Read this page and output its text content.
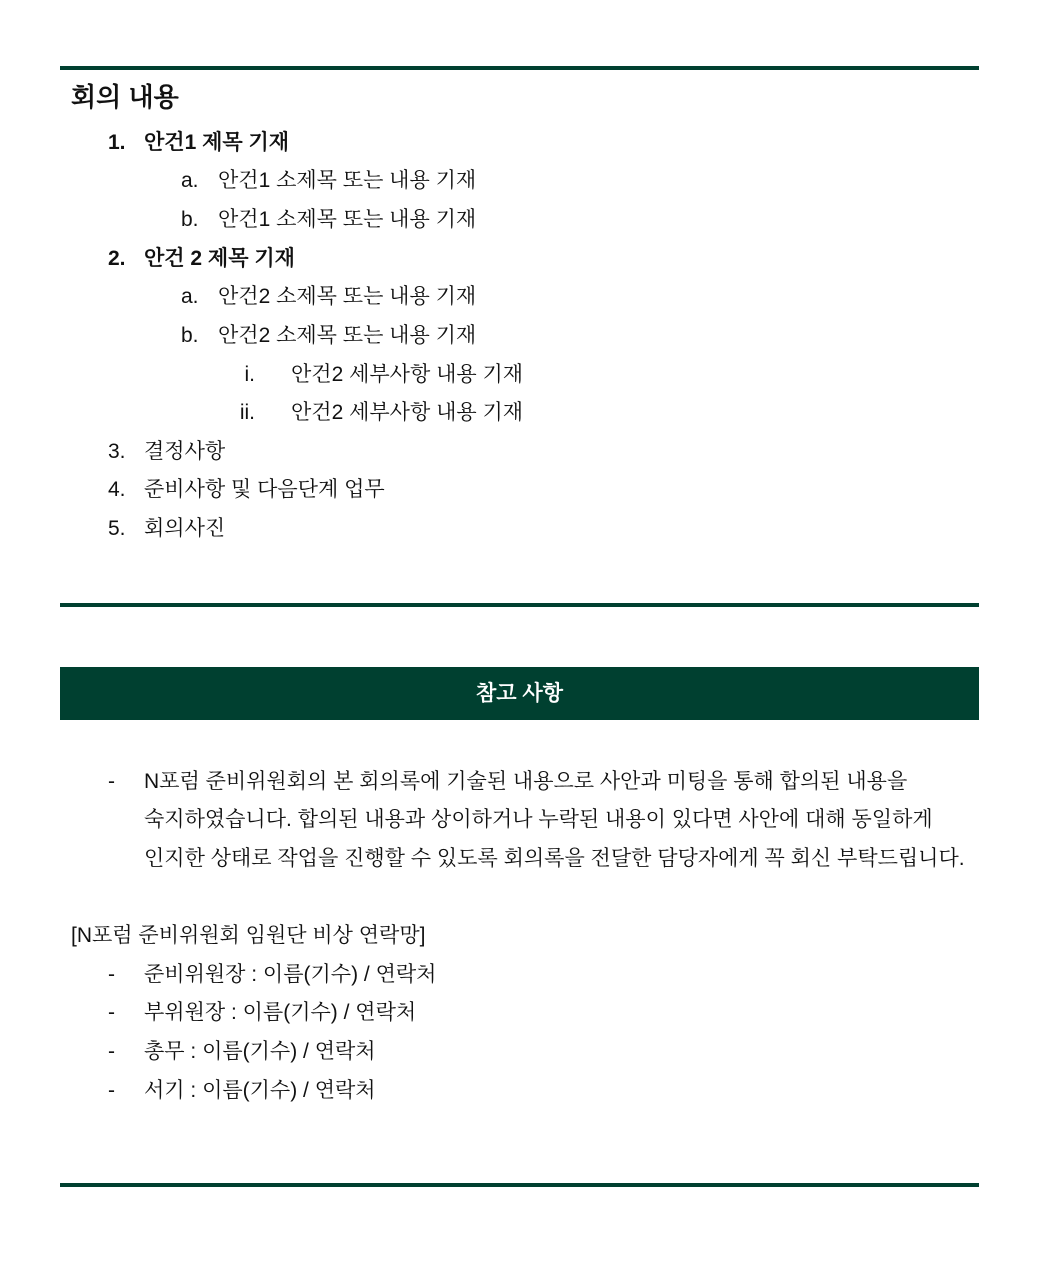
회의 내용
1. 안건1 제목 기재
a. 안건1 소제목 또는 내용 기재
b. 안건1 소제목 또는 내용 기재
2. 안건 2 제목 기재
a. 안건2 소제목 또는 내용 기재
b. 안건2 소제목 또는 내용 기재
i. 안건2 세부사항 내용 기재
ii. 안건2 세부사항 내용 기재
3. 결정사항
4. 준비사항 및 다음단계 업무
5. 회의사진
참고 사항
- N포럼 준비위원회의 본 회의록에 기술된 내용으로 사안과 미팅을 통해 합의된 내용을
숙지하였습니다. 합의된 내용과 상이하거나 누락된 내용이 있다면 사안에 대해 동일하게
인지한 상태로 작업을 진행할 수 있도록 회의록을 전달한 담당자에게 꼭 회신 부탁드립니다.
[N포럼 준비위원회 임원단 비상 연락망]
- 준비위원장 : 이름(기수) / 연락처
- 부위원장 : 이름(기수) / 연락처
- 총무 : 이름(기수) / 연락처
- 서기 : 이름(기수) / 연락처
